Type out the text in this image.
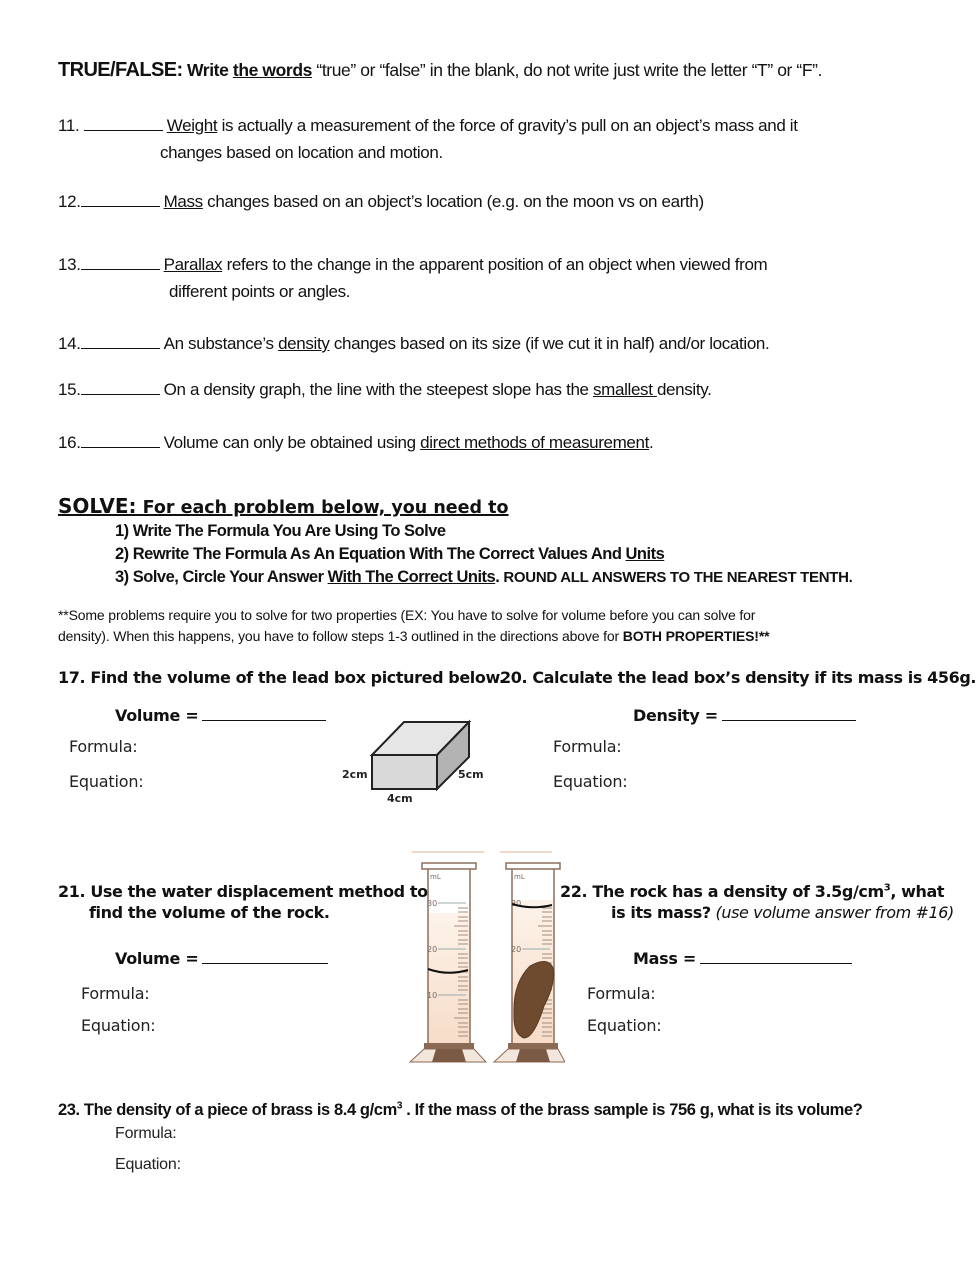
TRUE/FALSE: Write the words “true” or “false” in the blank, do not write just write the letter “T” or “F”.
11.	Weight is actually a measurement of the force of gravity’s pull on an object’s mass and it
changes based on location and motion.
12.	Mass changes based on an object’s location (e.g. on the moon vs on earth)
13.	Parallax refers to the change in the apparent position of an object when viewed from
different points or angles.
14.	An substance’s density changes based on its size (if we cut it in half) and/or location.
15.	On a density graph, the line with the steepest slope has the smallest density.
16.	Volume can only be obtained using direct methods of measurement.
SOLVE: For each problem below, you need to
1) Write The Formula You Are Using To Solve
2) Rewrite The Formula As An Equation With The Correct Values And Units
3) Solve, Circle Your Answer With The Correct Units. ROUND ALL ANSWERS TO THE NEAREST TENTH.
**Some problems require you to solve for two properties (EX: You have to solve for volume before you can solve for
density). When this happens, you have to follow steps 1-3 outlined in the directions above for BOTH PROPERTIES!**
17. Find the volume of the lead box pictured below.
Volume =
Formula:
Equation:	2cm
4cm
5cm
20. Calculate the lead box’s density if its mass is 456g.
Density =
Formula:
Equation:
21. Use the water displacement method to
find the volume of the rock.
Volume =
Formula:
Equation:
mL
30
20
10
mL
30
20
22. The rock has a density of $3.5g/cm^3$, what
is its mass? (use volume answer from #16)
Mass =
Formula:
Equation:
23. The density of a piece of brass is 8.4 $g/cm^3$ . If the mass of the brass sample is 756 g, what is its volume?
Formula:
Equation:
